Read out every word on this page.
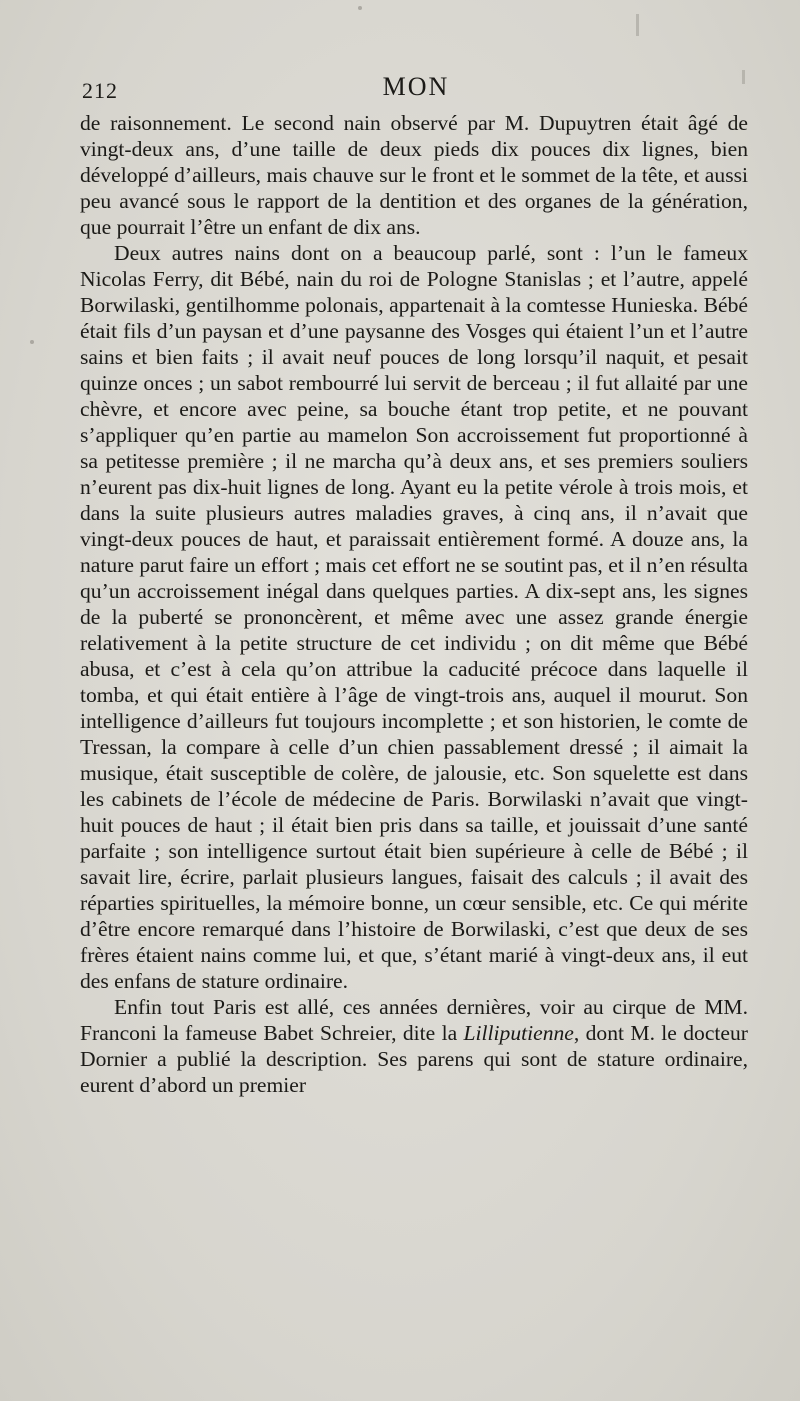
212	MON

de raisonnement. Le second nain observé par M. Dupuytren était âgé de vingt-deux ans, d’une taille de deux pieds dix pouces dix lignes, bien développé d’ailleurs, mais chauve sur le front et le sommet de la tête, et aussi peu avancé sous le rapport de la dentition et des organes de la génération, que pourrait l’être un enfant de dix ans.

Deux autres nains dont on a beaucoup parlé, sont : l’un le fameux Nicolas Ferry, dit Bébé, nain du roi de Pologne Stanislas ; et l’autre, appelé Borwilaski, gentilhomme polonais, appartenait à la comtesse Hunieska. Bébé était fils d’un paysan et d’une paysanne des Vosges qui étaient l’un et l’autre sains et bien faits ; il avait neuf pouces de long lorsqu’il naquit, et pesait quinze onces ; un sabot rembourré lui servit de berceau ; il fut allaité par une chèvre, et encore avec peine, sa bouche étant trop petite, et ne pouvant s’appliquer qu’en partie au mamelon Son accroissement fut proportionné à sa petitesse première ; il ne marcha qu’à deux ans, et ses premiers souliers n’eurent pas dix-huit lignes de long. Ayant eu la petite vérole à trois mois, et dans la suite plusieurs autres maladies graves, à cinq ans, il n’avait que vingt-deux pouces de haut, et paraissait entièrement formé. A douze ans, la nature parut faire un effort ; mais cet effort ne se soutint pas, et il n’en résulta qu’un accroissement inégal dans quelques parties. A dix-sept ans, les signes de la puberté se prononcèrent, et même avec une assez grande énergie relativement à la petite structure de cet individu ; on dit même que Bébé abusa, et c’est à cela qu’on attribue la caducité précoce dans laquelle il tomba, et qui était entière à l’âge de vingt-trois ans, auquel il mourut. Son intelligence d’ailleurs fut toujours incomplette ; et son historien, le comte de Tressan, la compare à celle d’un chien passablement dressé ; il aimait la musique, était susceptible de colère, de jalousie, etc. Son squelette est dans les cabinets de l’école de médecine de Paris. Borwilaski n’avait que vingt-huit pouces de haut ; il était bien pris dans sa taille, et jouissait d’une santé parfaite ; son intelligence surtout était bien supérieure à celle de Bébé ; il savait lire, écrire, parlait plusieurs langues, faisait des calculs ; il avait des réparties spirituelles, la mémoire bonne, un cœur sensible, etc. Ce qui mérite d’être encore remarqué dans l’histoire de Borwilaski, c’est que deux de ses frères étaient nains comme lui, et que, s’étant marié à vingt-deux ans, il eut des enfans de stature ordinaire.

Enfin tout Paris est allé, ces années dernières, voir au cirque de MM. Franconi la fameuse Babet Schreier, dite la Lilliputienne, dont M. le docteur Dornier a publié la description. Ses parens qui sont de stature ordinaire, eurent d’abord un premier
